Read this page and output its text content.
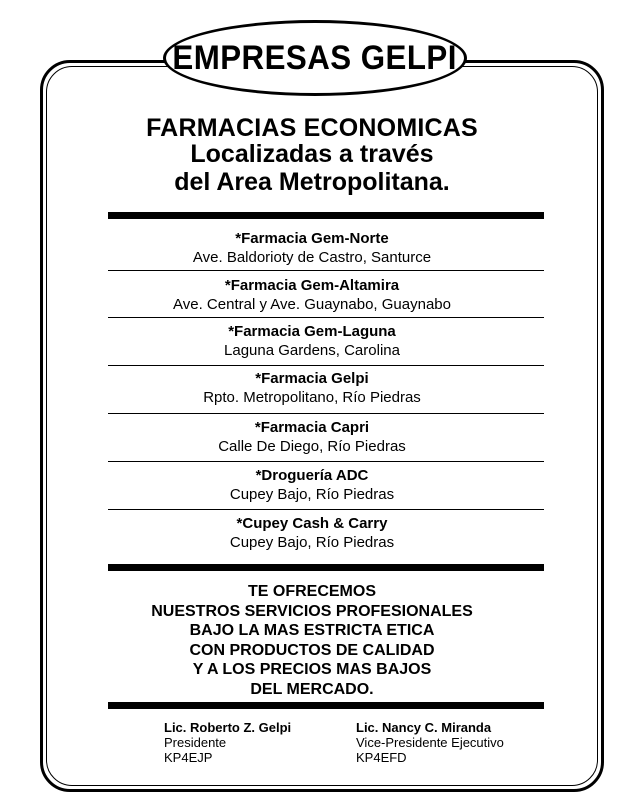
EMPRESAS GELPI
FARMACIAS ECONOMICAS
Localizadas a través
del Area Metropolitana.
*Farmacia Gem-Norte
Ave. Baldorioty de Castro, Santurce
*Farmacia Gem-Altamira
Ave. Central y Ave. Guaynabo, Guaynabo
*Farmacia Gem-Laguna
Laguna Gardens, Carolina
*Farmacia Gelpi
Rpto. Metropolitano, Río Piedras
*Farmacia Capri
Calle De Diego, Río Piedras
*Droguería ADC
Cupey Bajo, Río Piedras
*Cupey Cash & Carry
Cupey Bajo, Río Piedras
TE OFRECEMOS
NUESTROS SERVICIOS PROFESIONALES
BAJO LA MAS ESTRICTA ETICA
CON PRODUCTOS DE CALIDAD
Y A LOS PRECIOS MAS BAJOS
DEL MERCADO.
Lic. Roberto Z. Gelpi
Presidente
KP4EJP
Lic. Nancy C. Miranda
Vice-Presidente Ejecutivo
KP4EFD
